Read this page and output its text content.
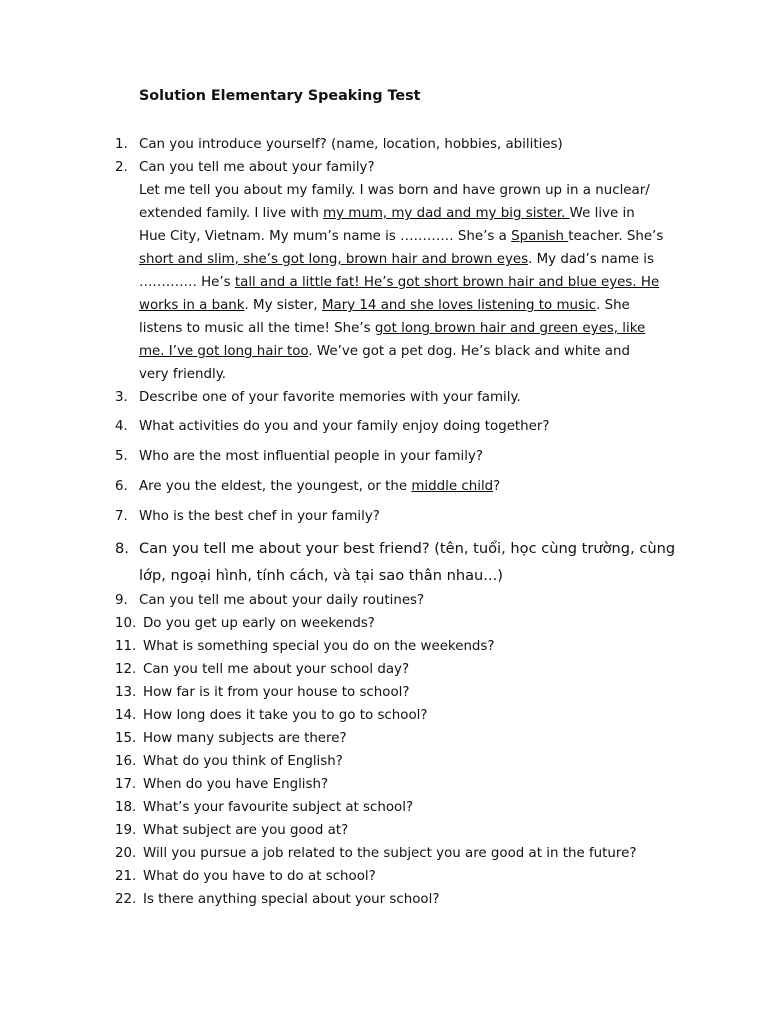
Solution Elementary Speaking Test
1. Can you introduce yourself? (name, location, hobbies, abilities)
2. Can you tell me about your family?
Let me tell you about my family. I was born and have grown up in a nuclear/
extended family. I live with my mum, my dad and my big sister. We live in
Hue City, Vietnam. My mum’s name is ………… She’s a Spanish teacher. She’s
short and slim, she’s got long, brown hair and brown eyes. My dad’s name is
…………. He’s tall and a little fat! He’s got short brown hair and blue eyes. He
works in a bank. My sister, Mary 14 and she loves listening to music. She
listens to music all the time! She’s got long brown hair and green eyes, like
me. I’ve got long hair too. We’ve got a pet dog. He’s black and white and
very friendly.
3. Describe one of your favorite memories with your family.
4. What activities do you and your family enjoy doing together?
5. Who are the most influential people in your family?
6. Are you the eldest, the youngest, or the middle child?
7. Who is the best chef in your family?
8. Can you tell me about your best friend? (tên, tuổi, học cùng trường, cùng
lớp, ngoại hình, tính cách, và tại sao thân nhau...)
9. Can you tell me about your daily routines?
10. Do you get up early on weekends?
11. What is something special you do on the weekends?
12. Can you tell me about your school day?
13. How far is it from your house to school?
14. How long does it take you to go to school?
15. How many subjects are there?
16. What do you think of English?
17. When do you have English?
18. What’s your favourite subject at school?
19. What subject are you good at?
20. Will you pursue a job related to the subject you are good at in the future?
21. What do you have to do at school?
22. Is there anything special about your school?
